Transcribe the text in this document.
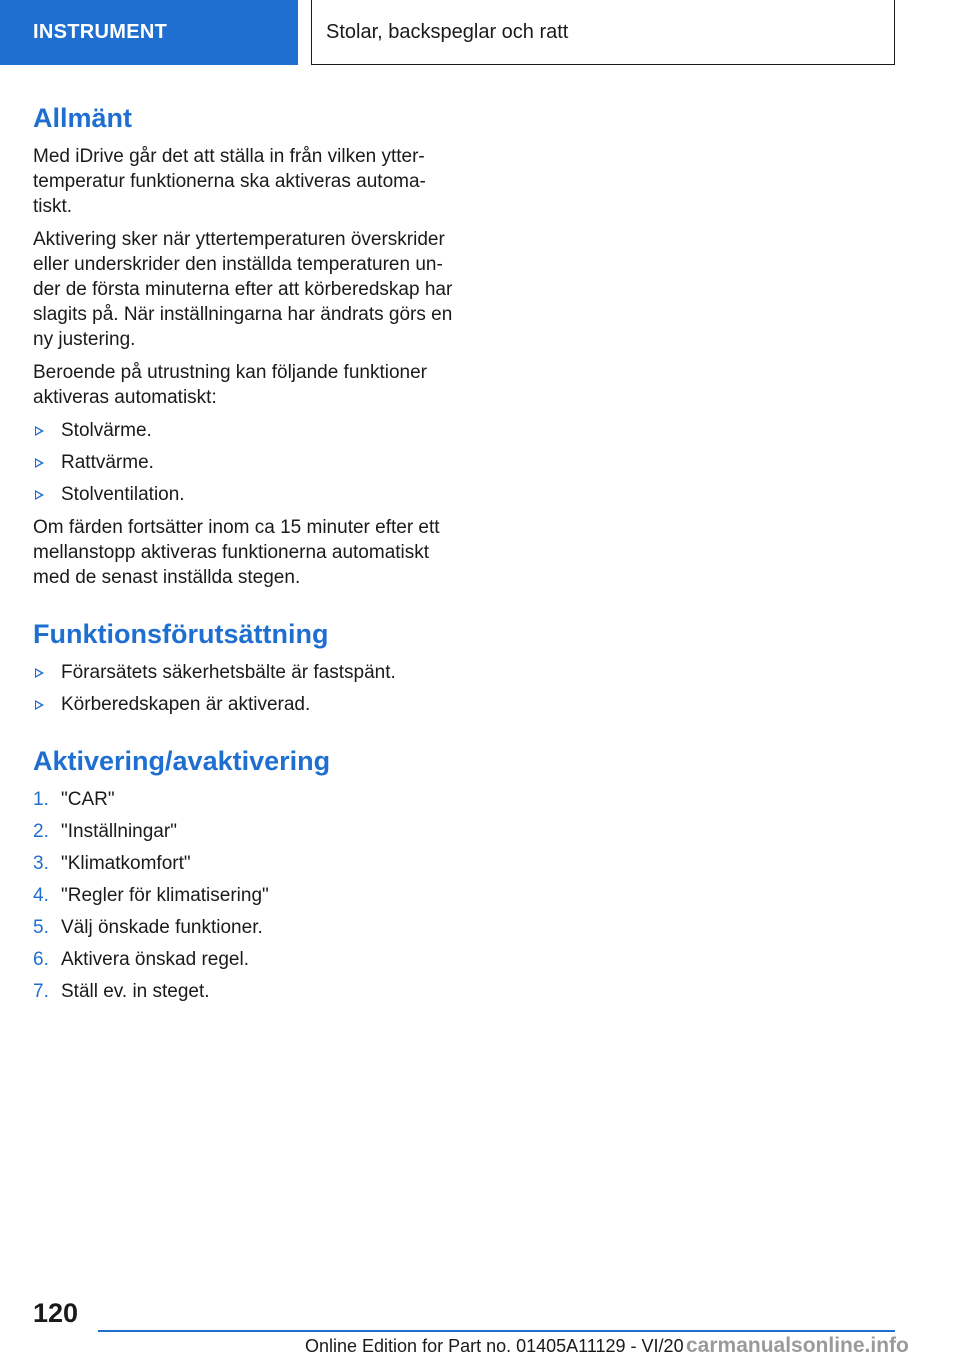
INSTRUMENT	Stolar, backspeglar och ratt
Allmänt

Med iDrive går det att ställa in från vilken ytter-temperatur funktionerna ska aktiveras automa-tiskt.

Aktivering sker när yttertemperaturen överskrider eller underskrider den inställda temperaturen un-der de första minuterna efter att körberedskap har slagits på. När inställningarna har ändrats görs en ny justering.

Beroende på utrustning kan följande funktioner aktiveras automatiskt:

Stolvärme.
Rattvärme.
Stolventilation.

Om färden fortsätter inom ca 15 minuter efter ett mellanstopp aktiveras funktionerna automatiskt med de senast inställda stegen.

Funktionsförutsättning
Förarsätets säkerhetsbälte är fastspänt.
Körberedskapen är aktiverad.
Aktivering/avaktivering
1. "CAR"
2. "Inställningar"
3. "Klimatkomfort"
4. "Regler för klimatisering"
5. Välj önskade funktioner.
6. Aktivera önskad regel.
7. Ställ ev. in steget.
120
Online Edition for Part no. 01405A11129 - VI/20 carmanualsonline.info
